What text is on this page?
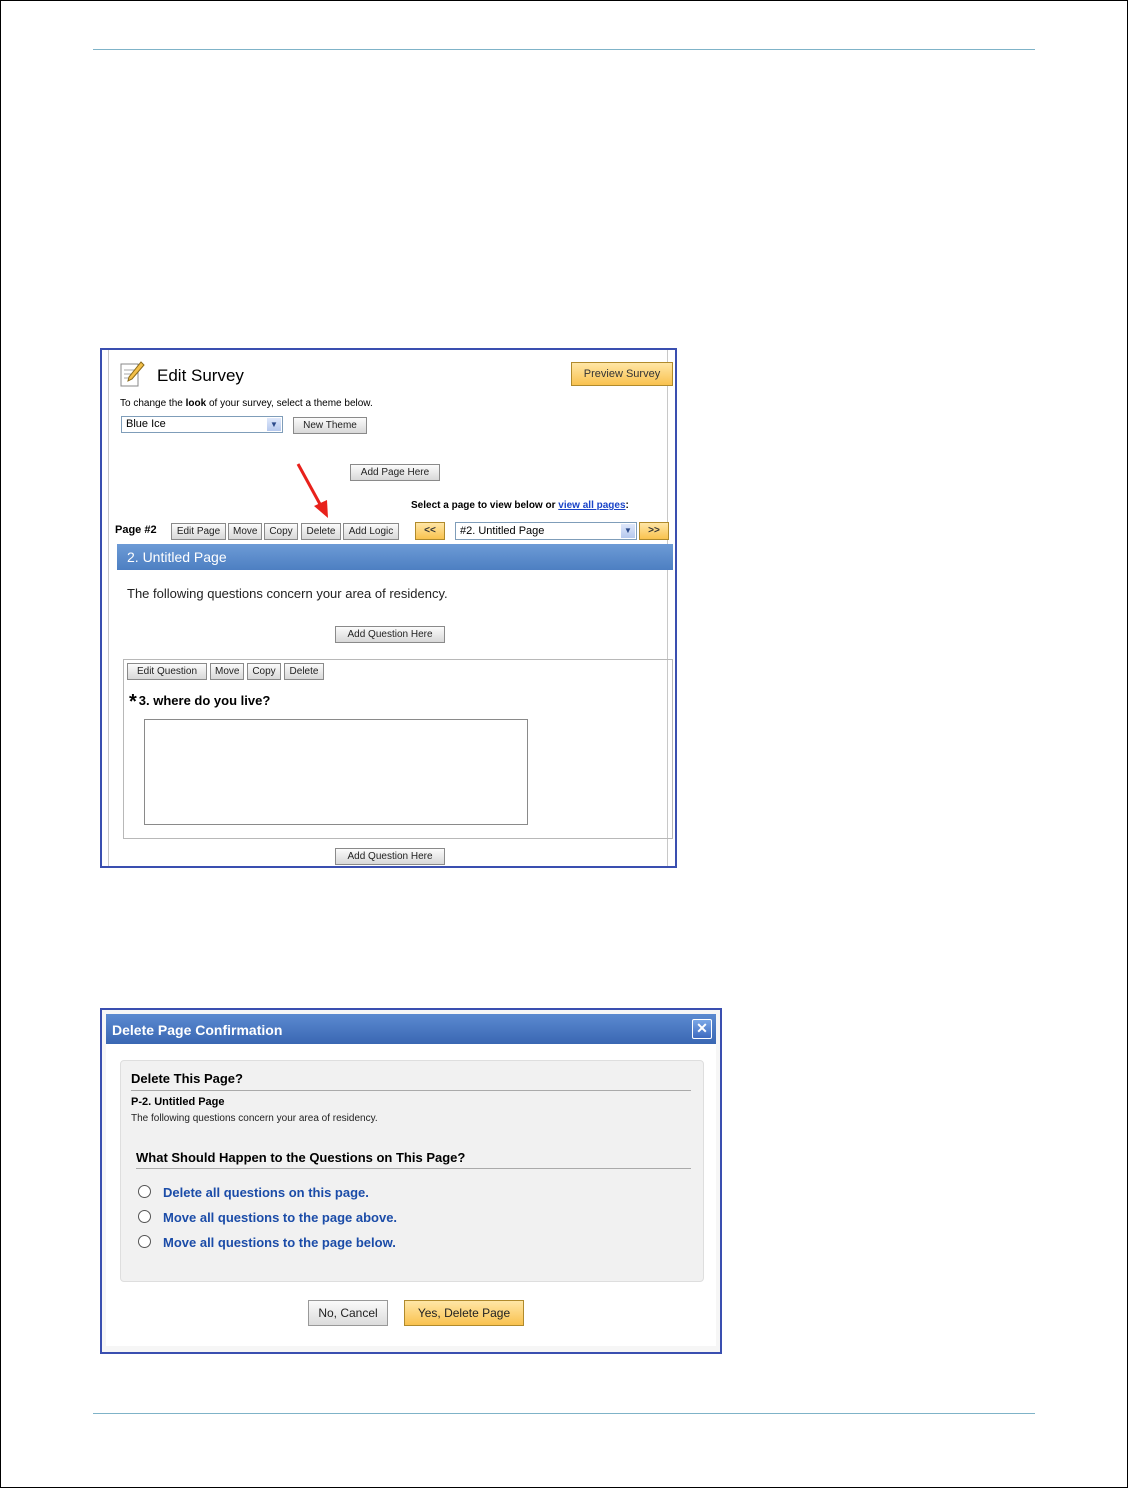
Edit Survey	Preview Survey
To change the look of your survey, select a theme below.
Blue Ice	▼	New Theme
Add Page Here
Select a page to view below or view all pages:
Page #2	Edit Page	Move	Copy	Delete	Add Logic	<<	#2. Untitled Page	▼	>>
2. Untitled Page
The following questions concern your area of residency.
Add Question Here
Edit Question	Move	Copy	Delete
* 3. where do you live?
Add Question Here
Delete Page Confirmation	✕
Delete This Page?
P-2. Untitled Page
The following questions concern your area of residency.
What Should Happen to the Questions on This Page?
Delete all questions on this page.
Move all questions to the page above.
Move all questions to the page below.
No, Cancel	Yes, Delete Page
